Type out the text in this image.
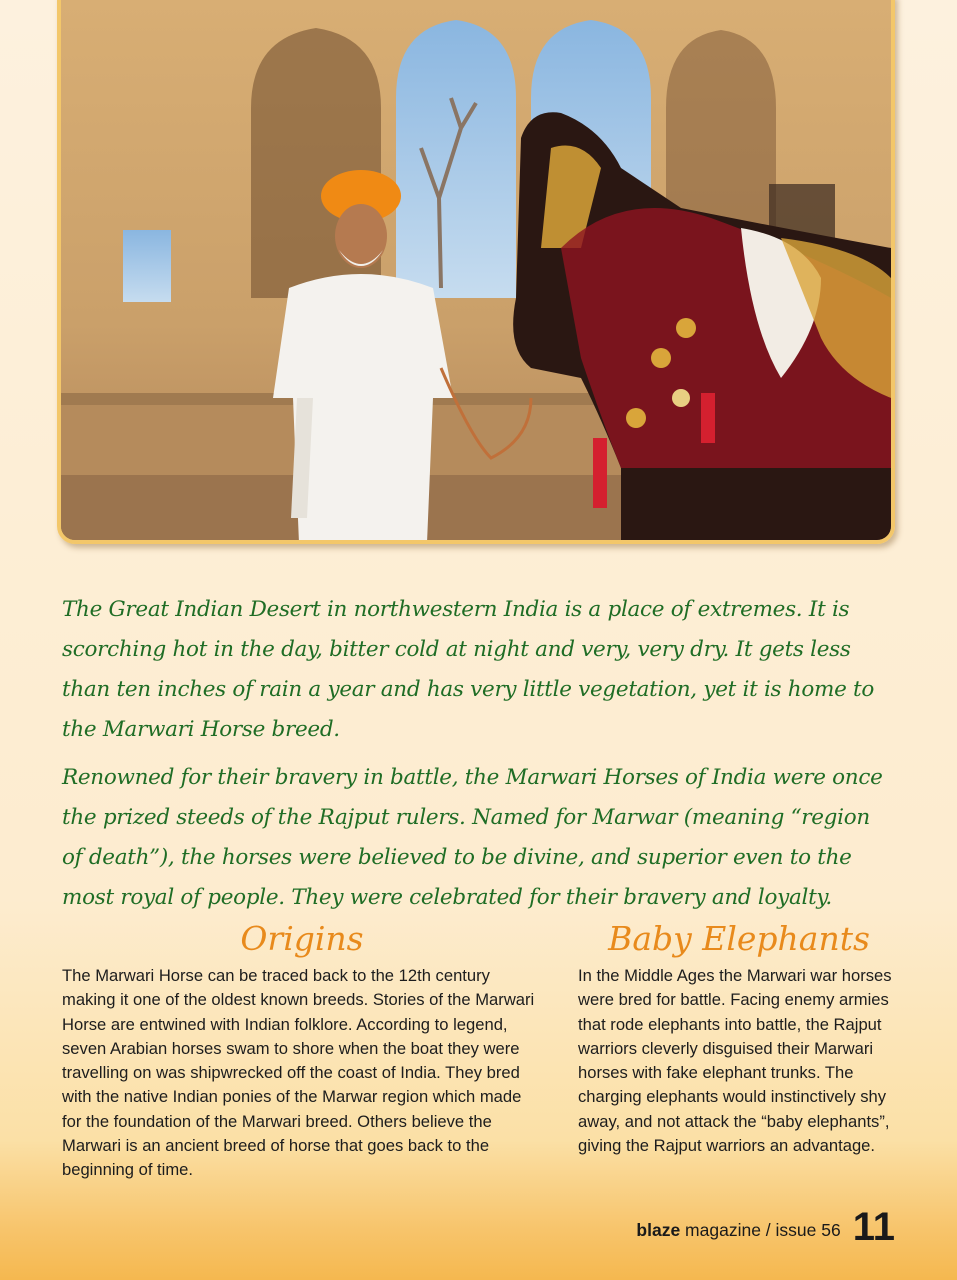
The Great Indian Desert in northwestern India is a place of extremes. It is scorching hot in the day, bitter cold at night and very, very dry. It gets less than ten inches of rain a year and has very little vegetation, yet it is home to the Marwari Horse breed.

Renowned for their bravery in battle, the Marwari Horses of India were once the prized steeds of the Rajput rulers. Named for Marwar (meaning “region of death”), the horses were believed to be divine, and superior even to the most royal of people. They were celebrated for their bravery and loyalty.

Origins

The Marwari Horse can be traced back to the 12th century making it one of the oldest known breeds. Stories of the Marwari Horse are entwined with Indian folklore. According to legend, seven Arabian horses swam to shore when the boat they were travelling on was shipwrecked off the coast of India. They bred with the native Indian ponies of the Marwar region which made for the foundation of the Marwari breed. Others believe the Marwari is an ancient breed of horse that goes back to the beginning of time.

Baby Elephants

In the Middle Ages the Marwari war horses were bred for battle. Facing enemy armies that rode elephants into battle, the Rajput warriors cleverly disguised their Marwari horses with fake elephant trunks. The charging elephants would instinctively shy away, and not attack the “baby elephants”, giving the Rajput warriors an advantage.

blaze magazine / issue 56 11
